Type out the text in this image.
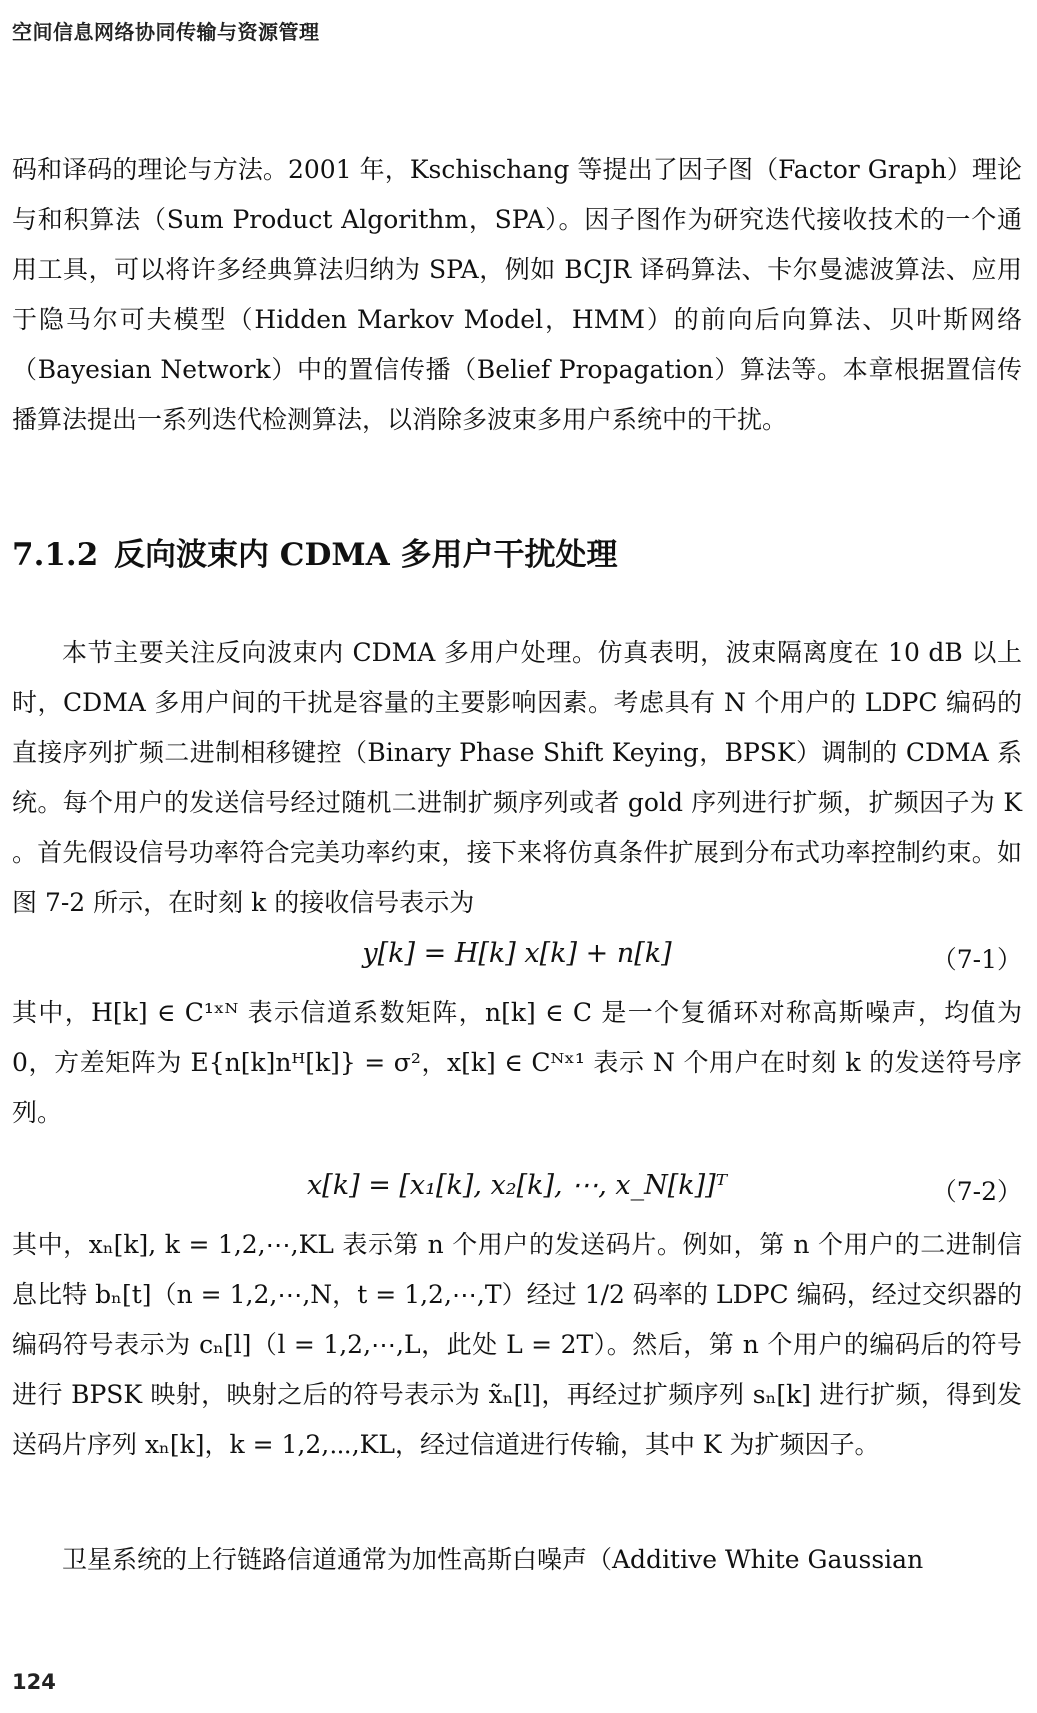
空间信息网络协同传输与资源管理
码和译码的理论与方法。2001 年，Kschischang 等提出了因子图（Factor Graph）理论与和积算法（Sum Product Algorithm，SPA）。因子图作为研究迭代接收技术的一个通用工具，可以将许多经典算法归纳为 SPA，例如 BCJR 译码算法、卡尔曼滤波算法、应用于隐马尔可夫模型（Hidden Markov Model，HMM）的前向后向算法、贝叶斯网络（Bayesian Network）中的置信传播（Belief Propagation）算法等。本章根据置信传播算法提出一系列迭代检测算法，以消除多波束多用户系统中的干扰。
7.1.2 反向波束内 CDMA 多用户干扰处理
本节主要关注反向波束内 CDMA 多用户处理。仿真表明，波束隔离度在 10 dB 以上时，CDMA 多用户间的干扰是容量的主要影响因素。考虑具有 N 个用户的 LDPC 编码的直接序列扩频二进制相移键控（Binary Phase Shift Keying，BPSK）调制的 CDMA 系统。每个用户的发送信号经过随机二进制扩频序列或者 gold 序列进行扩频，扩频因子为 K 。首先假设信号功率符合完美功率约束，接下来将仿真条件扩展到分布式功率控制约束。如图 7-2 所示，在时刻 k 的接收信号表示为
y[k] = H[k] x[k] + n[k]	（7-1）
其中，H[k] ∈ C¹ˣᴺ 表示信道系数矩阵，n[k] ∈ C 是一个复循环对称高斯噪声，均值为 0，方差矩阵为 E{n[k]nᴴ[k]} = σ²，x[k] ∈ Cᴺˣ¹ 表示 N 个用户在时刻 k 的发送符号序列。
x[k] = [x₁[k], x₂[k], ⋯, x_N[k]]ᵀ	（7-2）
其中，xₙ[k], k = 1,2,⋯,KL 表示第 n 个用户的发送码片。例如，第 n 个用户的二进制信息比特 bₙ[t]（n = 1,2,⋯,N，t = 1,2,⋯,T）经过 1/2 码率的 LDPC 编码，经过交织器的编码符号表示为 cₙ[l]（l = 1,2,⋯,L，此处 L = 2T）。然后，第 n 个用户的编码后的符号进行 BPSK 映射，映射之后的符号表示为 x̃ₙ[l]，再经过扩频序列 sₙ[k] 进行扩频，得到发送码片序列 xₙ[k]，k = 1,2,⋯,KL，经过信道进行传输，其中 K 为扩频因子。
卫星系统的上行链路信道通常为加性高斯白噪声（Additive White Gaussian
124
